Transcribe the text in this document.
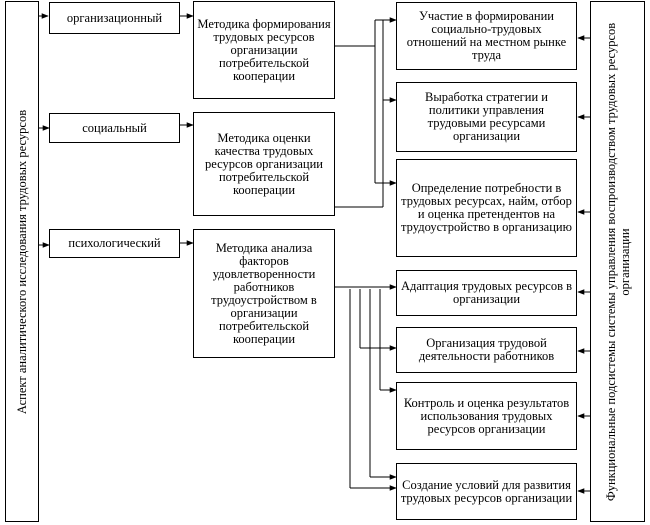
Аспект аналитического исследования трудовых ресурсов	Функциональные подсистемы системы управления воспроизводством трудовых ресурсов организации
организационный
социальный
психологический
Методика формирования трудовых ресурсов организации потребительской кооперации
Методика оценки качества трудовых ресурсов организации потребительской кооперации
Методика анализа факторов удовлетворенности работников трудоустройством в организации потребительской кооперации
Участие в формировании социально-трудовых отношений на местном рынке труда
Выработка стратегии и политики управления трудовыми ресурсами организации
Определение потребности в трудовых ресурсах, найм, отбор и оценка претендентов на трудоустройство в организацию
Адаптация трудовых ресурсов в организации
Организация трудовой деятельности работников
Контроль и оценка результатов использования трудовых ресурсов организации
Создание условий для развития трудовых ресурсов организации
